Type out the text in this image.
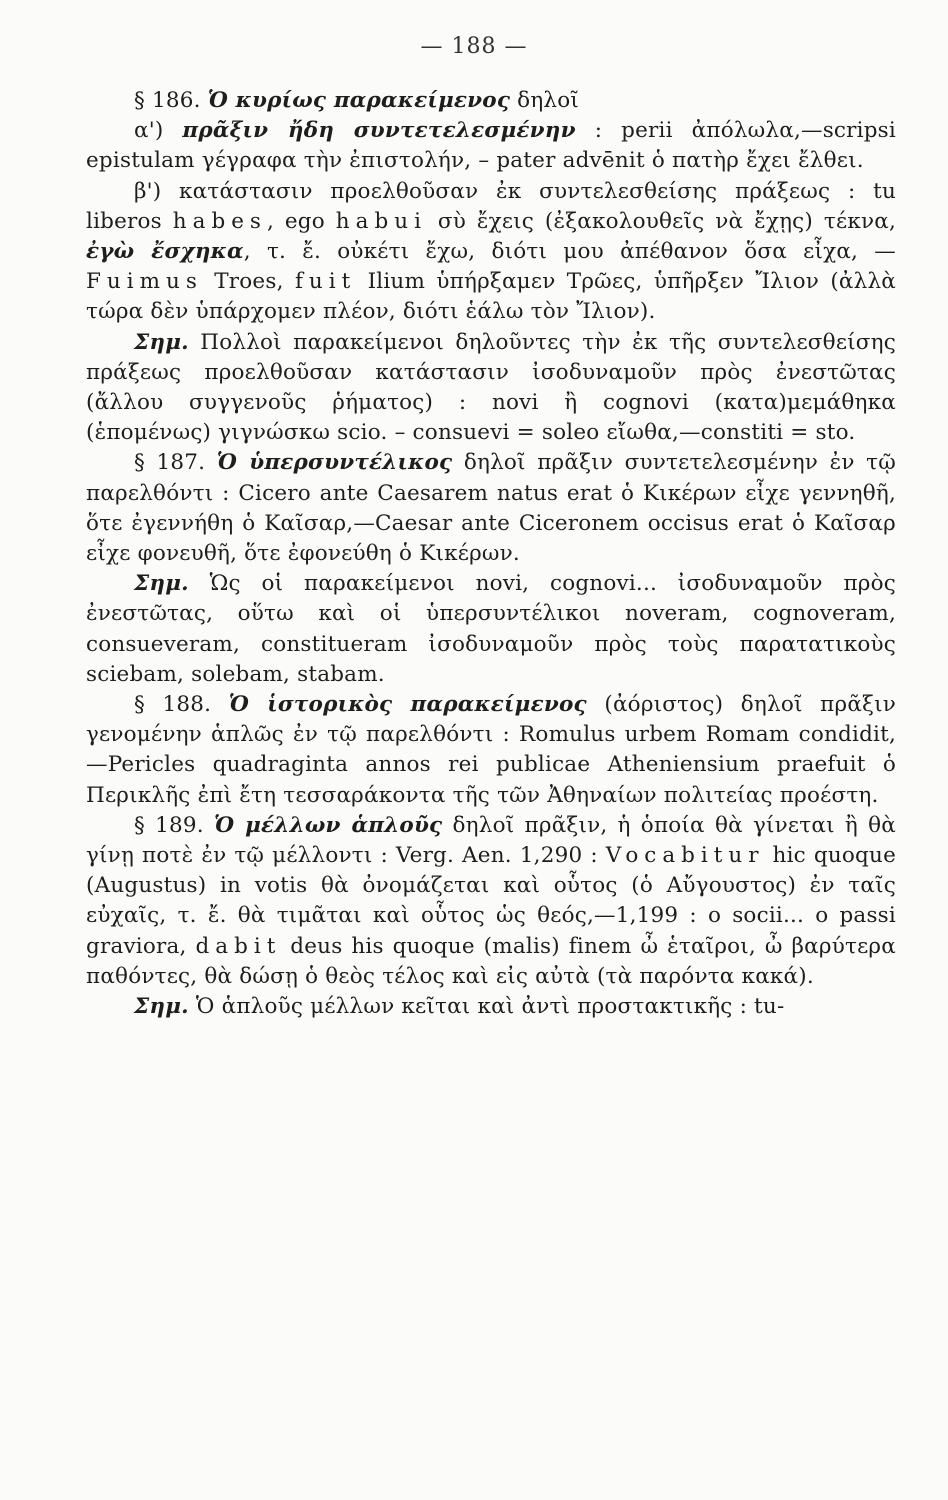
— 188 —

§ 186. Ὁ κυρίως παρακείμενος δηλοῖ

α') πρᾶξιν ἤδη συντετελεσμένην : perii ἀπόλωλα,—scripsi epistulam γέγραφα τὴν ἐπιστολήν, – pater advēnit ὁ πατὴρ ἔχει ἔλθει.

β') κατάστασιν προελθοῦσαν ἐκ συντελεσθείσης πράξεως : tu liberos habes, ego habui σὺ ἔχεις (ἐξακολουθεῖς νὰ ἔχῃς) τέκνα, ἐγὼ ἔσχηκα, τ. ἔ. οὐκέτι ἔχω, διότι μου ἀπέθανον ὅσα εἶχα, — Fuimus Troes, fuit Ilium ὑπήρξαμεν Τρῶες, ὑπῆρξεν Ἴλιον (ἀλλὰ τώρα δὲν ὑπάρχομεν πλέον, διότι ἑάλω τὸν Ἴλιον).

Σημ. Πολλοὶ παρακείμενοι δηλοῦντες τὴν ἐκ τῆς συντελεσθείσης πράξεως προελθοῦσαν κατάστασιν ἰσοδυναμοῦν πρὸς ἐνεστῶτας (ἄλλου συγγενοῦς ῥήματος) : novi ἢ cognovi (κατα)μεμάθηκα (ἑπομένως) γιγνώσκω scio. – consuevi = soleo εἴωθα,—constiti = sto.

§ 187. Ὁ ὑπερσυντέλικος δηλοῖ πρᾶξιν συντετελεσμένην ἐν τῷ παρελθόντι : Cicero ante Caesarem natus erat ὁ Κικέρων εἶχε γεννηθῆ, ὅτε ἐγεννήθη ὁ Καῖσαρ,—Caesar ante Ciceronem occisus erat ὁ Καῖσαρ εἶχε φονευθῆ, ὅτε ἐφονεύθη ὁ Κικέρων.

Σημ. Ὡς οἱ παρακείμενοι novi, cognovi... ἰσοδυναμοῦν πρὸς ἐνεστῶτας, οὕτω καὶ οἱ ὑπερσυντέλικοι noveram, cognoveram, consueveram, constitueram ἰσοδυναμοῦν πρὸς τοὺς παρατατικοὺς sciebam, solebam, stabam.

§ 188. Ὁ ἱστορικὸς παρακείμενος (ἀόριστος) δηλοῖ πρᾶξιν γενομένην ἁπλῶς ἐν τῷ παρελθόντι : Romulus urbem Romam condidit,—Pericles quadraginta annos rei publicae Atheniensium praefuit ὁ Περικλῆς ἐπὶ ἔτη τεσσαράκοντα τῆς τῶν Ἀθηναίων πολιτείας προέστη.

§ 189. Ὁ μέλλων ἁπλοῦς δηλοῖ πρᾶξιν, ἡ ὁποία θὰ γίνεται ἢ θὰ γίνῃ ποτὲ ἐν τῷ μέλλοντι : Verg. Aen. 1,290 : Vocabitur hic quoque (Augustus) in votis θὰ ὀνομάζεται καὶ οὗτος (ὁ Αὔγουστος) ἐν ταῖς εὐχαῖς, τ. ἔ. θὰ τιμᾶται καὶ οὗτος ὡς θεός,—1,199 : o socii... o passi graviora, dabit deus his quoque (malis) finem ὦ ἑταῖροι, ὦ βαρύτερα παθόντες, θὰ δώσῃ ὁ θεὸς τέλος καὶ εἰς αὐτὰ (τὰ παρόντα κακά).

Σημ. Ὁ ἁπλοῦς μέλλων κεῖται καὶ ἀντὶ προστακτικῆς : tu-
